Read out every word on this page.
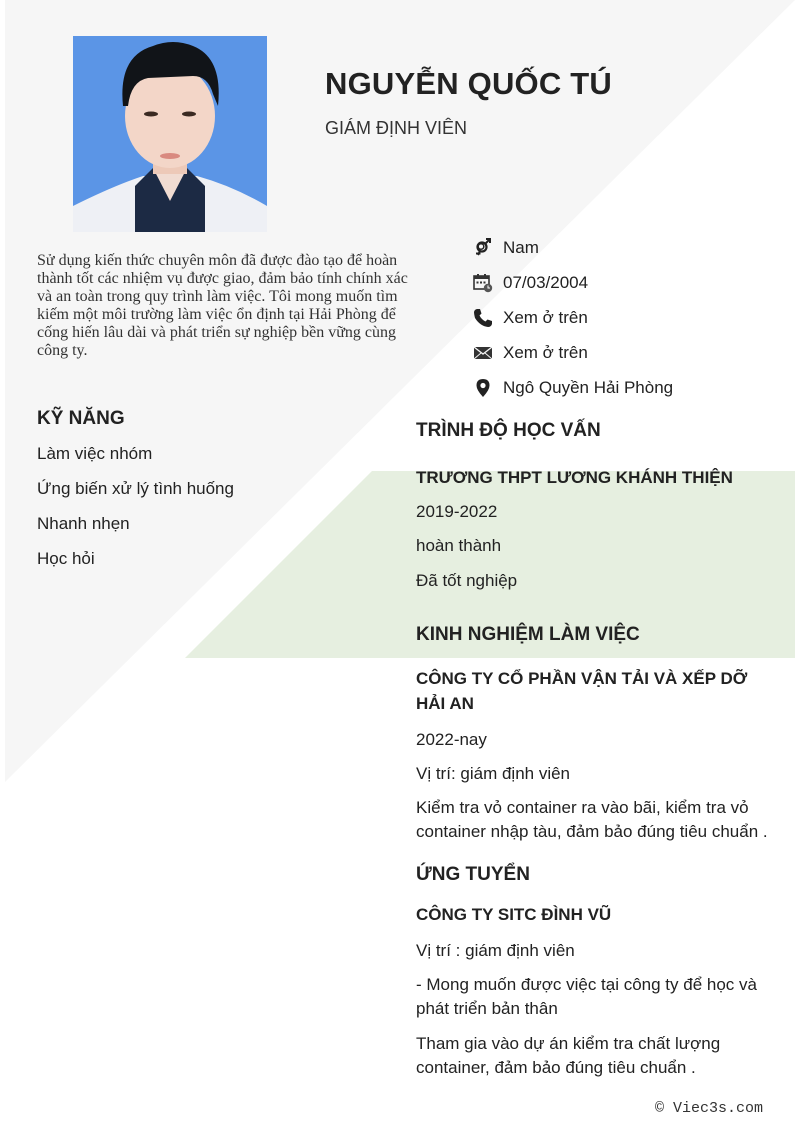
NGUYỄN QUỐC TÚ
GIÁM ĐỊNH VIÊN
Sử dụng kiến thức chuyên môn đã được đào tạo để hoàn thành tốt các nhiệm vụ được giao, đảm bảo tính chính xác và an toàn trong quy trình làm việc. Tôi mong muốn tìm kiếm một môi trường làm việc ổn định tại Hải Phòng để cống hiến lâu dài và phát triển sự nghiệp bền vững cùng công ty.
Nam
07/03/2004
Xem ở trên
Xem ở trên
Ngô Quyền Hải Phòng
KỸ NĂNG
Làm việc nhóm
Ứng biến xử lý tình huống
Nhanh nhẹn
Học hỏi
TRÌNH ĐỘ HỌC VẤN
TRƯƠNG THPT LƯƠNG KHÁNH THIỆN
2019-2022
hoàn thành
Đã tốt nghiệp
KINH NGHIỆM LÀM VIỆC
CÔNG TY CỔ PHẦN VẬN TẢI VÀ XẾP DỠ HẢI AN
2022-nay
Vị trí: giám định viên
Kiểm tra vỏ container ra vào bãi, kiểm tra vỏ container nhập tàu, đảm bảo đúng tiêu chuẩn .
ỨNG TUYỂN
CÔNG TY SITC ĐÌNH VŨ
Vị trí : giám định viên
- Mong muốn được việc tại công ty để học và phát triển bản thân
Tham gia vào dự án kiểm tra chất lượng container, đảm bảo đúng tiêu chuẩn .
© Viec3s.com
